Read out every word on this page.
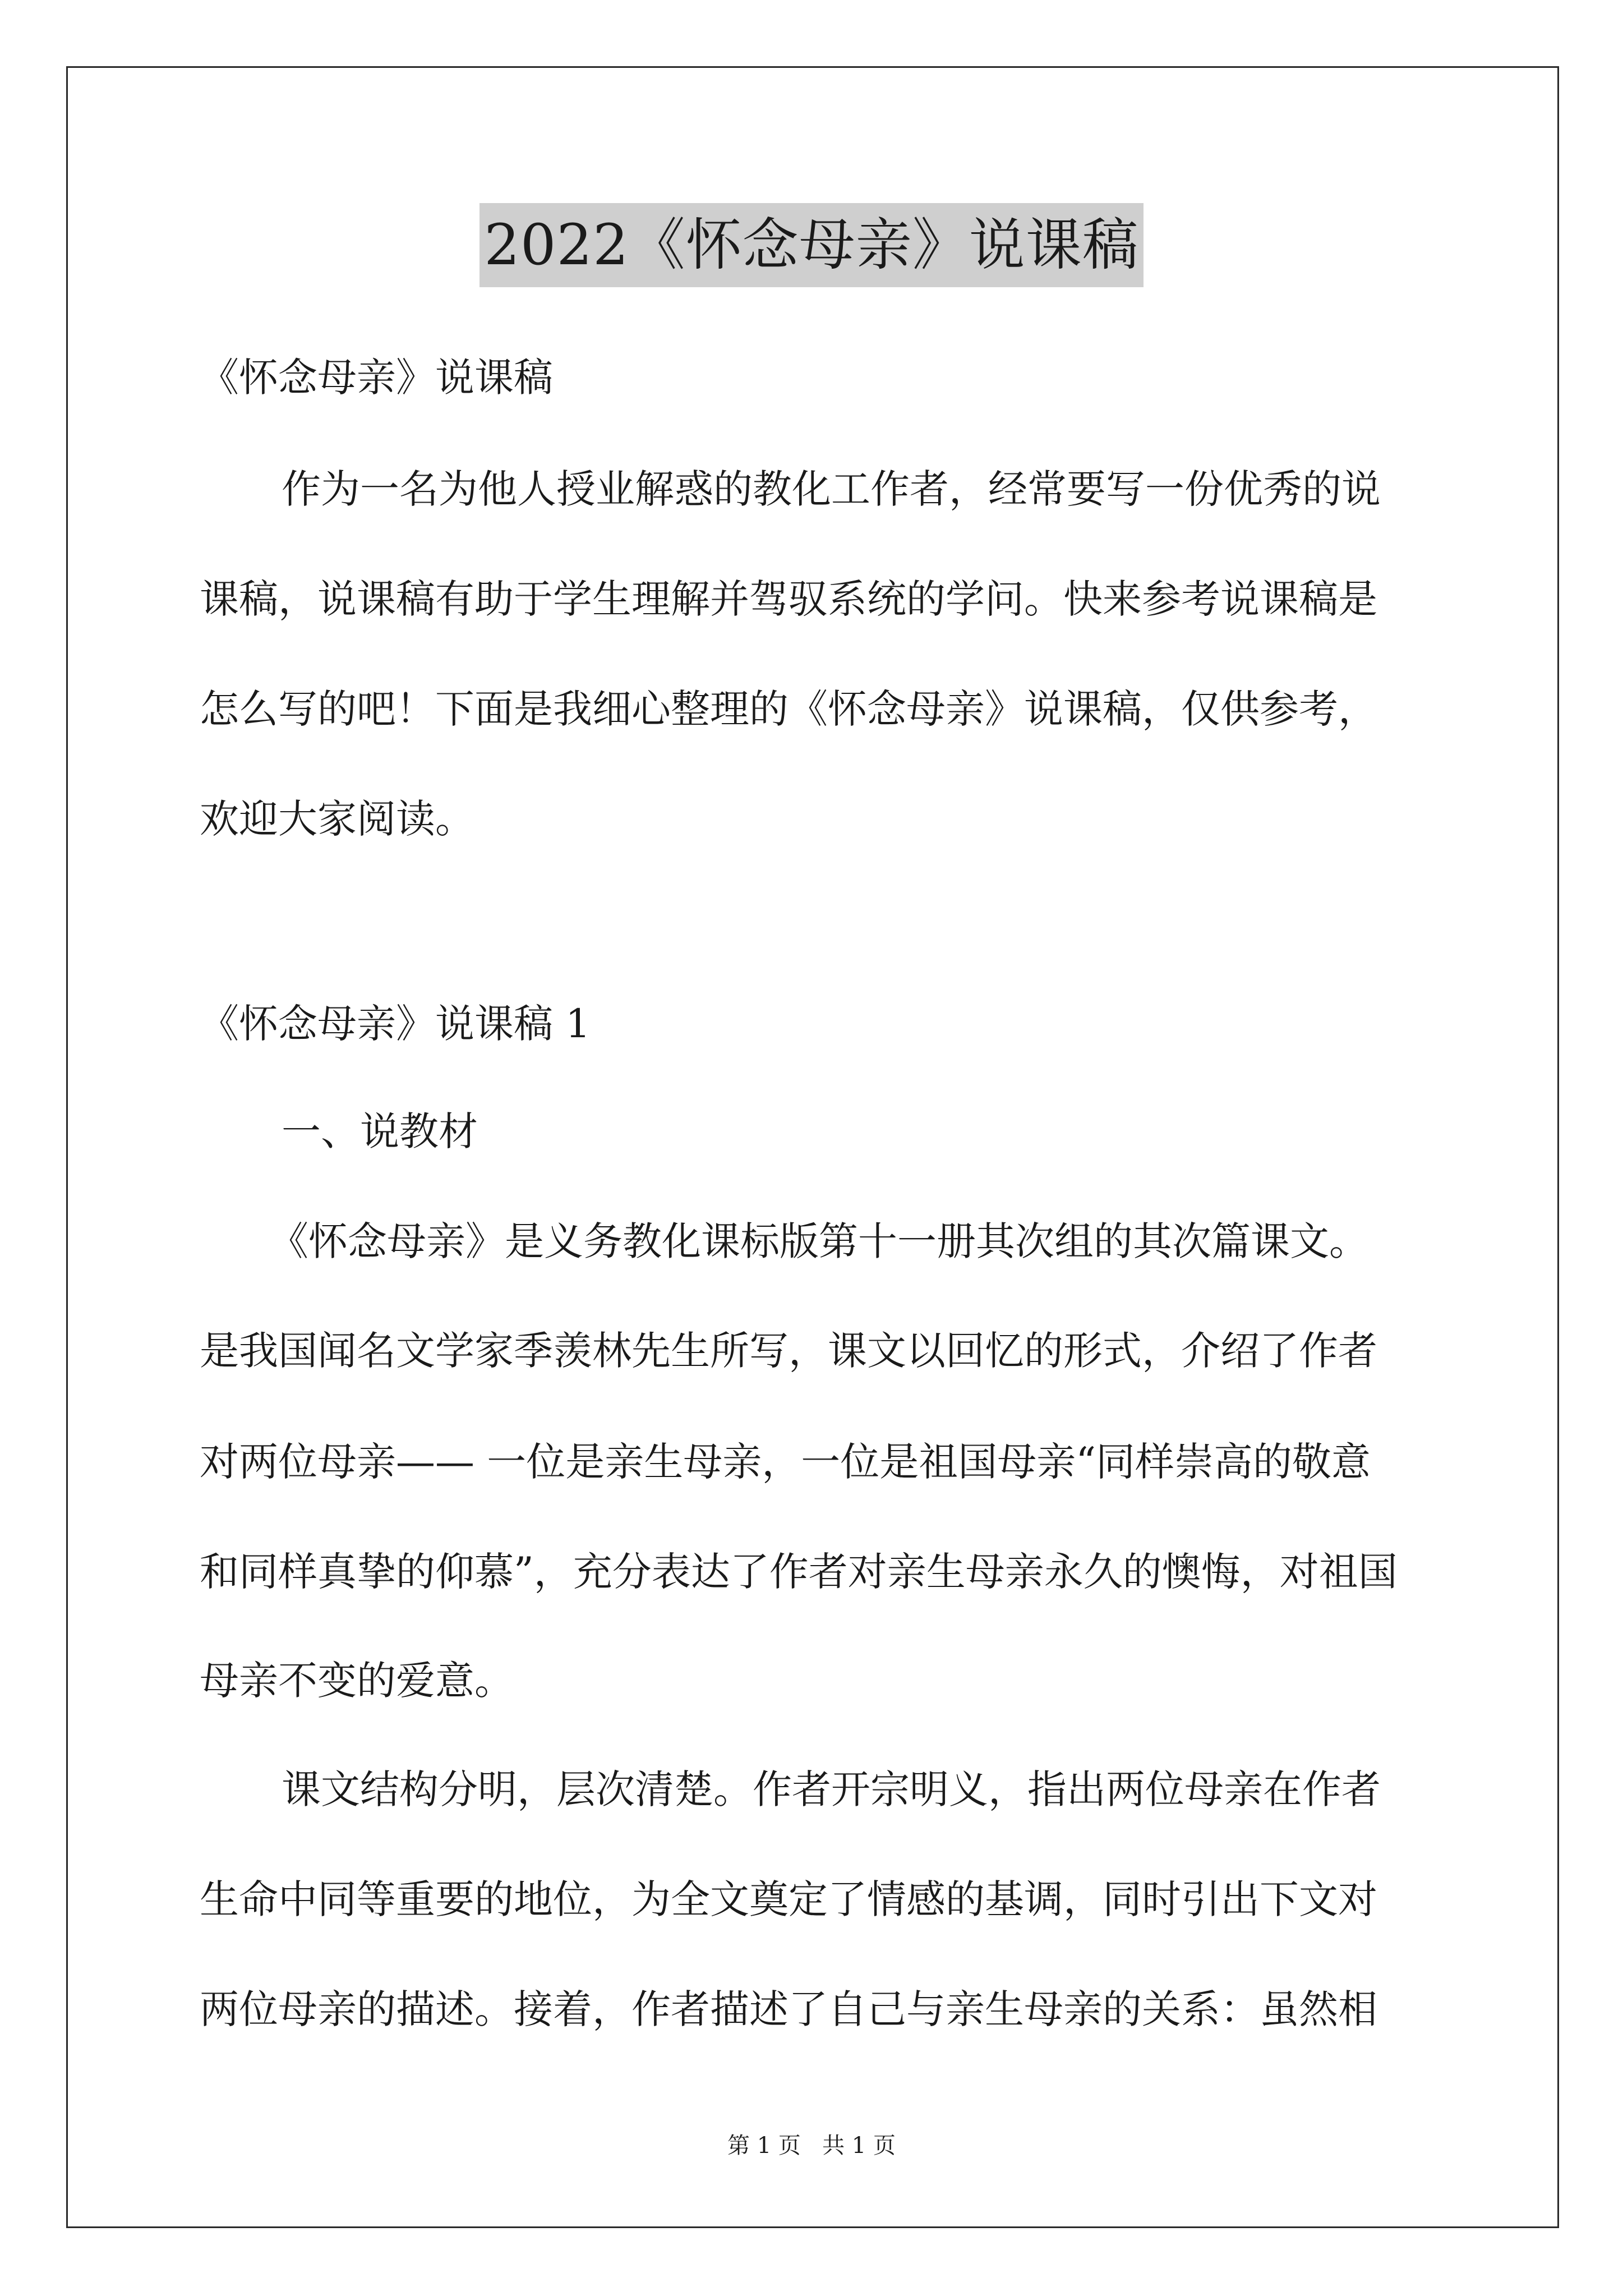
2022《怀念母亲》说课稿

《怀念母亲》说课稿

作为一名为他人授业解惑的教化工作者，经常要写一份优秀的说

课稿，说课稿有助于学生理解并驾驭系统的学问。快来参考说课稿是

怎么写的吧！下面是我细心整理的《怀念母亲》说课稿，仅供参考，

欢迎大家阅读。

《怀念母亲》说课稿 1

一、说教材

《怀念母亲》是义务教化课标版第十一册其次组的其次篇课文。

是我国闻名文学家季羡林先生所写，课文以回忆的形式，介绍了作者

对两位母亲—— 一位是亲生母亲，一位是祖国母亲“同样崇高的敬意

和同样真挚的仰慕”，充分表达了作者对亲生母亲永久的懊悔，对祖国

母亲不变的爱意。

课文结构分明，层次清楚。作者开宗明义，指出两位母亲在作者

生命中同等重要的地位，为全文奠定了情感的基调，同时引出下文对

两位母亲的描述。接着，作者描述了自己与亲生母亲的关系：虽然相

第 1 页   共 1 页
